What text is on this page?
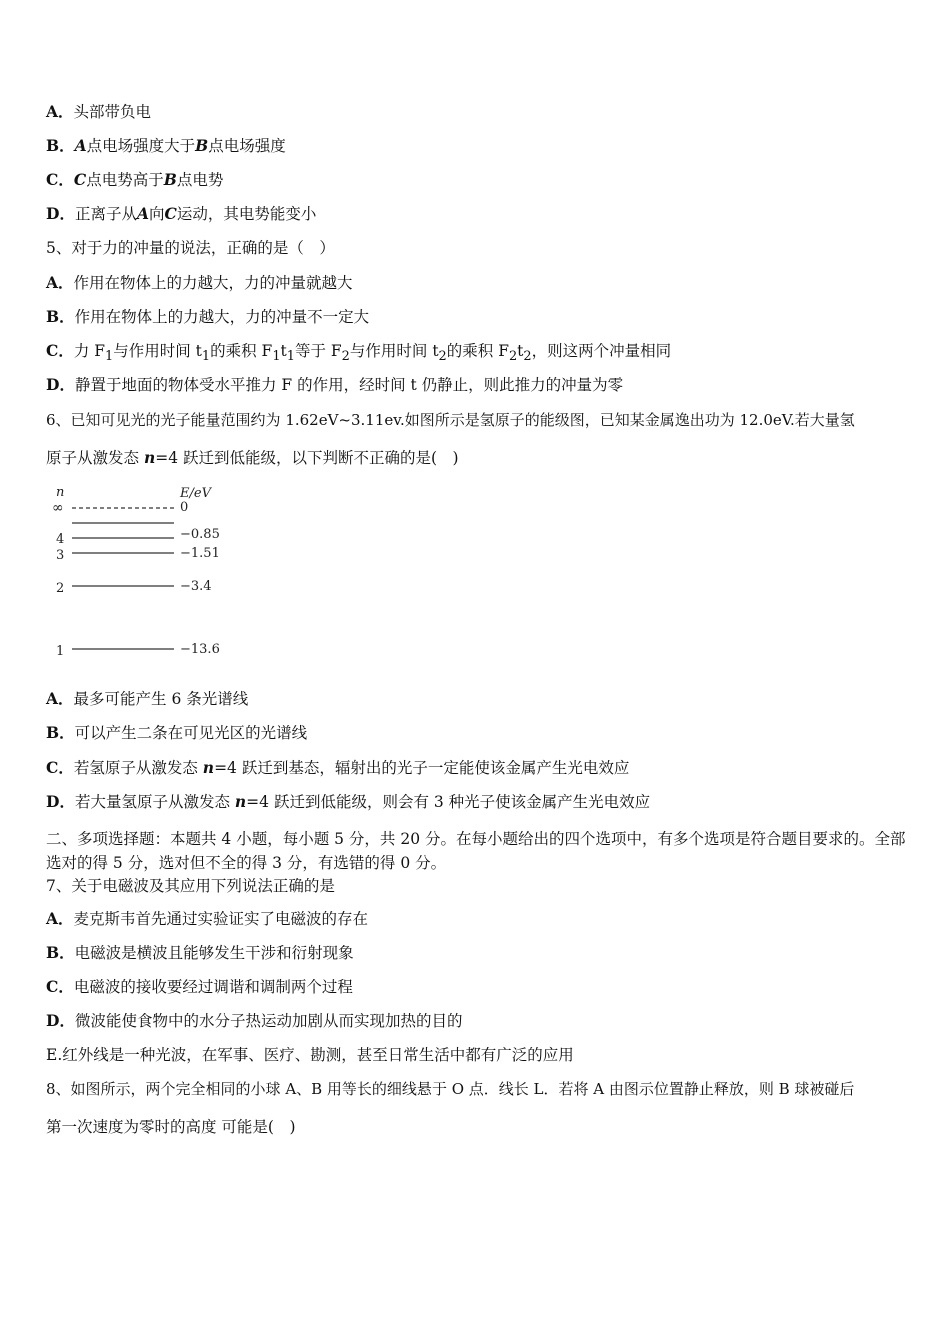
A．头部带负电
B．A点电场强度大于B点电场强度
C．C点电势高于B点电势
D．正离子从A向C运动，其电势能变小
5、对于力的冲量的说法，正确的是（　）
A．作用在物体上的力越大，力的冲量就越大
B．作用在物体上的力越大，力的冲量不一定大
C．力 $F_1$与作用时间 $t_1$的乘积 $F_1t_1$等于 $F_2$与作用时间 $t_2$的乘积 $F_2t_2$，则这两个冲量相同
D．静置于地面的物体受水平推力 F 的作用，经时间 t 仍静止，则此推力的冲量为零
6、已知可见光的光子能量范围约为 1.62eV~3.11ev.如图所示是氢原子的能级图，已知某金属逸出功为 12.0eV.若大量氢
原子从激发态 n=4 跃迁到低能级，以下判断不正确的是(　)
n	E/eV
∞	0
4	−0.85
3	−1.51
2	−3.4
1	−13.6
A．最多可能产生 6 条光谱线
B．可以产生二条在可见光区的光谱线
C．若氢原子从激发态 n=4 跃迁到基态，辐射出的光子一定能使该金属产生光电效应
D．若大量氢原子从激发态 n=4 跃迁到低能级，则会有 3 种光子使该金属产生光电效应
二、多项选择题：本题共 4 小题，每小题 5 分，共 20 分。在每小题给出的四个选项中，有多个选项是符合题目要求的。全部选对的得 5 分，选对但不全的得 3 分，有选错的得 0 分。
7、关于电磁波及其应用下列说法正确的是
A．麦克斯韦首先通过实验证实了电磁波的存在
B．电磁波是横波且能够发生干涉和衍射现象
C．电磁波的接收要经过调谐和调制两个过程
D．微波能使食物中的水分子热运动加剧从而实现加热的目的
E.红外线是一种光波，在军事、医疗、勘测，甚至日常生活中都有广泛的应用
8、如图所示，两个完全相同的小球 A、B 用等长的细线悬于 O 点．线长 L．若将 A 由图示位置静止释放，则 B 球被碰后
第一次速度为零时的高度 可能是(　)
